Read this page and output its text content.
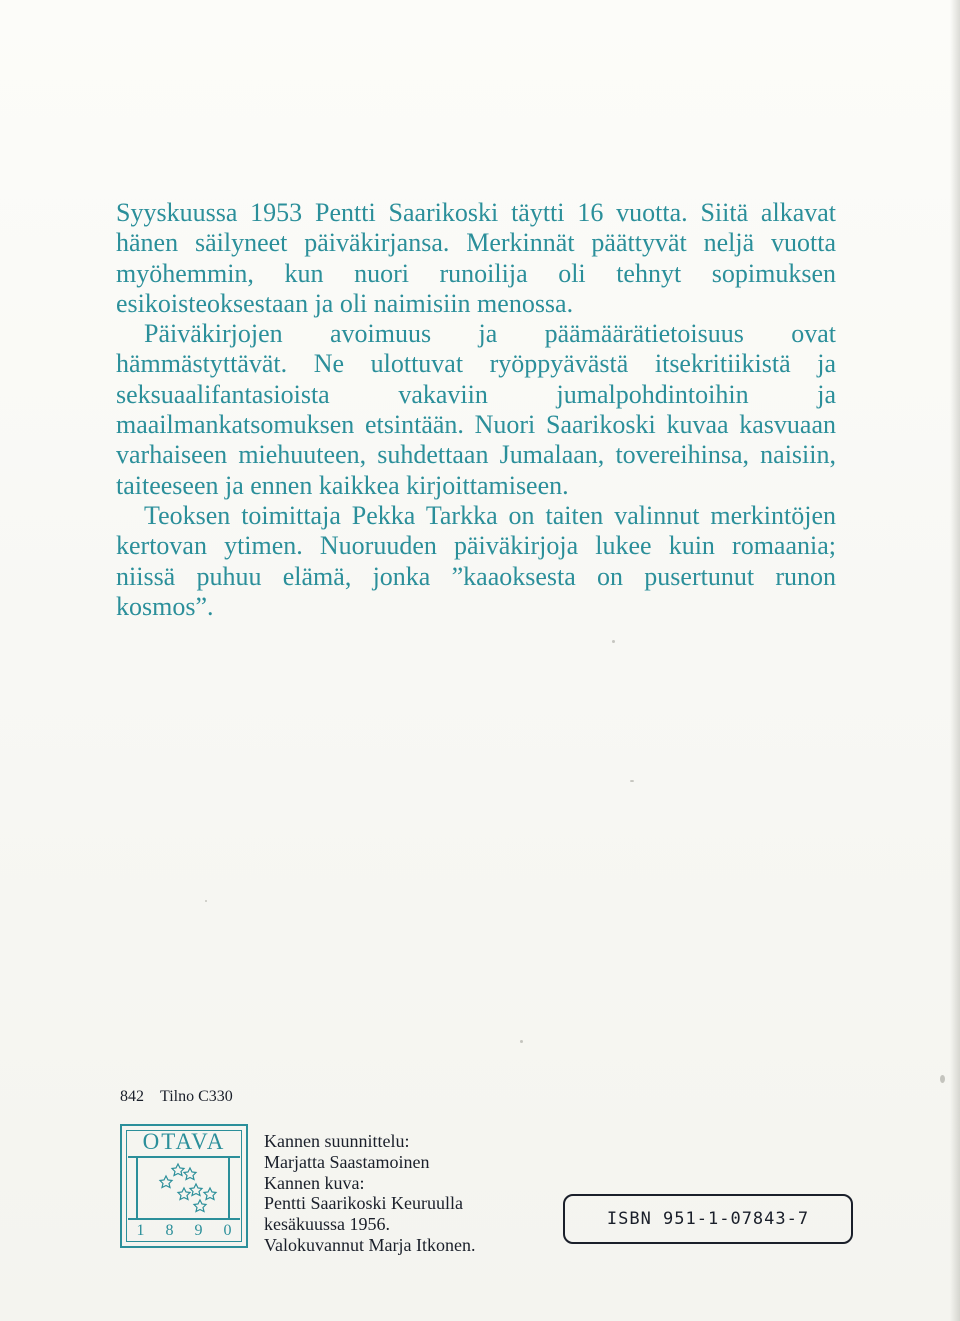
Syyskuussa 1953 Pentti Saarikoski täytti 16 vuotta. Siitä alkavat hänen säilyneet päiväkirjansa. Merkinnät päättyvät neljä vuotta myöhemmin, kun nuori runoilija oli tehnyt sopimuksen esikoisteoksestaan ja oli naimisiin menossa.

Päiväkirjojen avoimuus ja päämäärätietoisuus ovat hämmästyttävät. Ne ulottuvat ryöppyävästä itsekritiikistä ja seksuaalifantasioista vakaviin jumalpohdintoihin ja maailmankatsomuksen etsintään. Nuori Saarikoski kuvaa kasvuaan varhaiseen miehuuteen, suhdettaan Jumalaan, tovereihinsa, naisiin, taiteeseen ja ennen kaikkea kirjoittamiseen.

Teoksen toimittaja Pekka Tarkka on taiten valinnut merkintöjen kertovan ytimen. Nuoruuden päiväkirjoja lukee kuin romaania; niissä puhuu elämä, jonka ”kaaoksesta on pusertunut runon kosmos”.

842 Tilno C330
OTAVA
1 8 9 0
Kannen suunnittelu:
Marjatta Saastamoinen
Kannen kuva:
Pentti Saarikoski Keuruulla
kesäkuussa 1956.
Valokuvannut Marja Itkonen.
ISBN 951-1-07843-7
